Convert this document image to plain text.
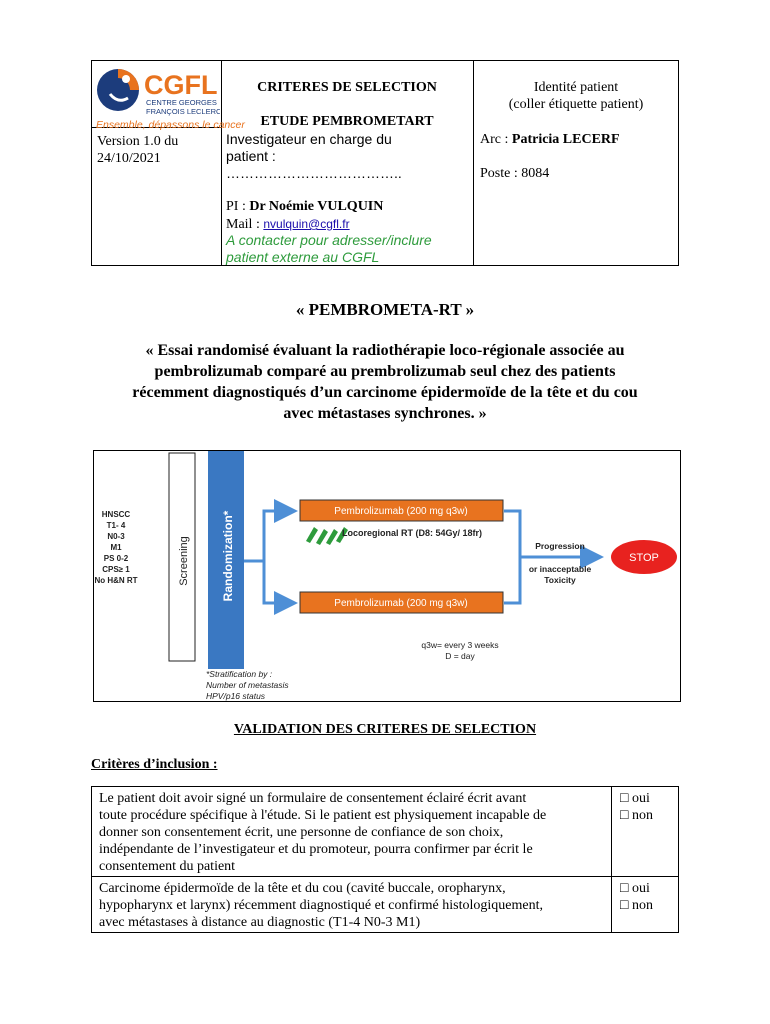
CGFL
CENTRE GEORGES
FRANÇOIS LECLERC
Ensemble, dépassons le cancer
Version 1.0 du
24/10/2021
CRITERES DE SELECTION
ETUDE PEMBROMETART
Investigateur en charge du
patient :
………………………………..
PI : Dr Noémie VULQUIN
Mail : nvulquin@cgfl.fr
A contacter pour adresser/inclure
patient externe au CGFL
Identité patient
(coller étiquette patient)
Arc : Patricia LECERF
Poste : 8084
« PEMBROMETA-RT »
« Essai randomisé évaluant la radiothérapie loco-régionale associée au
pembrolizumab comparé au prembrolizumab seul chez des patients
récemment diagnostiqués d’un carcinome épidermoïde de la tête et du cou
avec métastases synchrones. »
HNSCC
T1- 4
N0-3
M1
PS 0-2
CPS≥ 1
No H&N RT	Screening	Randomization*	Pembrolizumab (200 mg q3w)
Locoregional RT (D8: 54Gy/ 18fr)
Pembrolizumab (200 mg q3w)
Progression
or inacceptable
Toxicity
STOP
q3w= every 3 weeks
D = day
*Stratification by :
Number of metastasis
HPV/p16 status
VALIDATION DES CRITERES DE SELECTION
Critères d’inclusion :
Le patient doit avoir signé un formulaire de consentement éclairé écrit avant
toute procédure spécifique à l'étude. Si le patient est physiquement incapable de
donner son consentement écrit, une personne de confiance de son choix,
indépendante de l’investigateur et du promoteur, pourra confirmer par écrit le
consentement du patient
□ oui
□ non
Carcinome épidermoïde de la tête et du cou (cavité buccale, oropharynx,
hypopharynx et larynx) récemment diagnostiqué et confirmé histologiquement,
avec métastases à distance au diagnostic (T1-4 N0-3 M1)
□ oui
□ non
